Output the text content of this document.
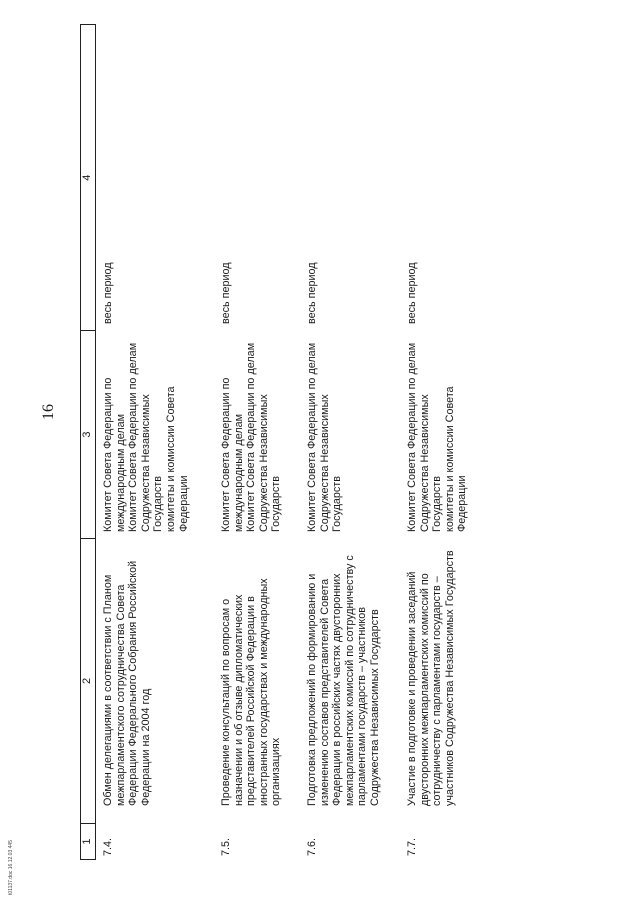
16
1
2
3
4
7.4.
Обмен делегациями в соответствии с Планом межпарламентского сотрудничества Совета Федерации Федерального Собрания Российской Федерации на 2004 год

Комитет Совета Федерации по международным делам Комитет Совета Федерации по делам Содружества Независимых Государств комитеты и комиссии Совета Федерации

весь период
7.5.
Проведение консультаций по вопросам о назначении и об отзыве дипломатических представителей Российской Федерации в иностранных государствах и международных организациях

Комитет Совета Федерации по международным делам Комитет Совета Федерации по делам Содружества Независимых Государств

весь период
7.6.
Подготовка предложений по формированию и изменению составов представителей Совета Федерации в российских частях двусторонних межпарламентских комиссий по сотрудничеству с парламентами государств – участников Содружества Независимых Государств

Комитет Совета Федерации по делам Содружества Независимых Государств

весь период
7.7.
Участие в подготовке и проведении заседаний двусторонних межпарламентских комиссий по сотрудничеству с парламентами государств – участников Содружества Независимых Государств

Комитет Совета Федерации по делам Содружества Независимых Государств комитеты и комиссии Совета Федерации

весь период
t01137.doc 16.12.03 445
